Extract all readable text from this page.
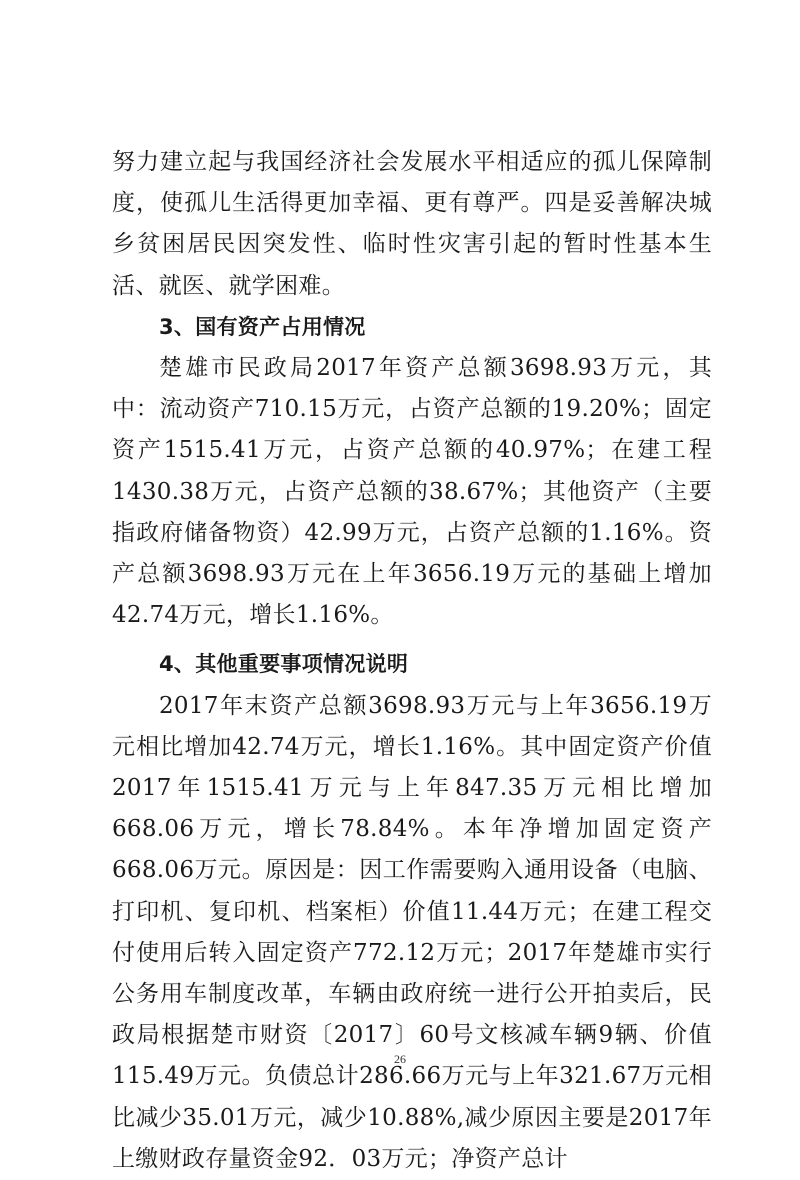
努力建立起与我国经济社会发展水平相适应的孤儿保障制度，使孤儿生活得更加幸福、更有尊严。四是妥善解决城乡贫困居民因突发性、临时性灾害引起的暂时性基本生活、就医、就学困难。

3、国有资产占用情况

楚雄市民政局2017年资产总额3698.93万元，其中：流动资产710.15万元，占资产总额的19.20%；固定资产1515.41万元，占资产总额的40.97%；在建工程1430.38万元，占资产总额的38.67%；其他资产（主要指政府储备物资）42.99万元，占资产总额的1.16%。资产总额3698.93万元在上年3656.19万元的基础上增加42.74万元，增长1.16%。

4、其他重要事项情况说明

2017年末资产总额3698.93万元与上年3656.19万元相比增加42.74万元，增长1.16%。其中固定资产价值2017年1515.41万元与上年847.35万元相比增加668.06万元，增长78.84%。本年净增加固定资产 668.06万元。原因是：因工作需要购入通用设备（电脑、打印机、复印机、档案柜）价值11.44万元；在建工程交付使用后转入固定资产772.12万元；2017年楚雄市实行公务用车制度改革，车辆由政府统一进行公开拍卖后，民政局根据楚市财资〔2017〕60号文核减车辆9辆、价值115.49万元。负债总计286.66万元与上年321.67万元相比减少35.01万元，减少10.88%,减少原因主要是2017年上缴财政存量资金92．03万元；净资产总计

26
